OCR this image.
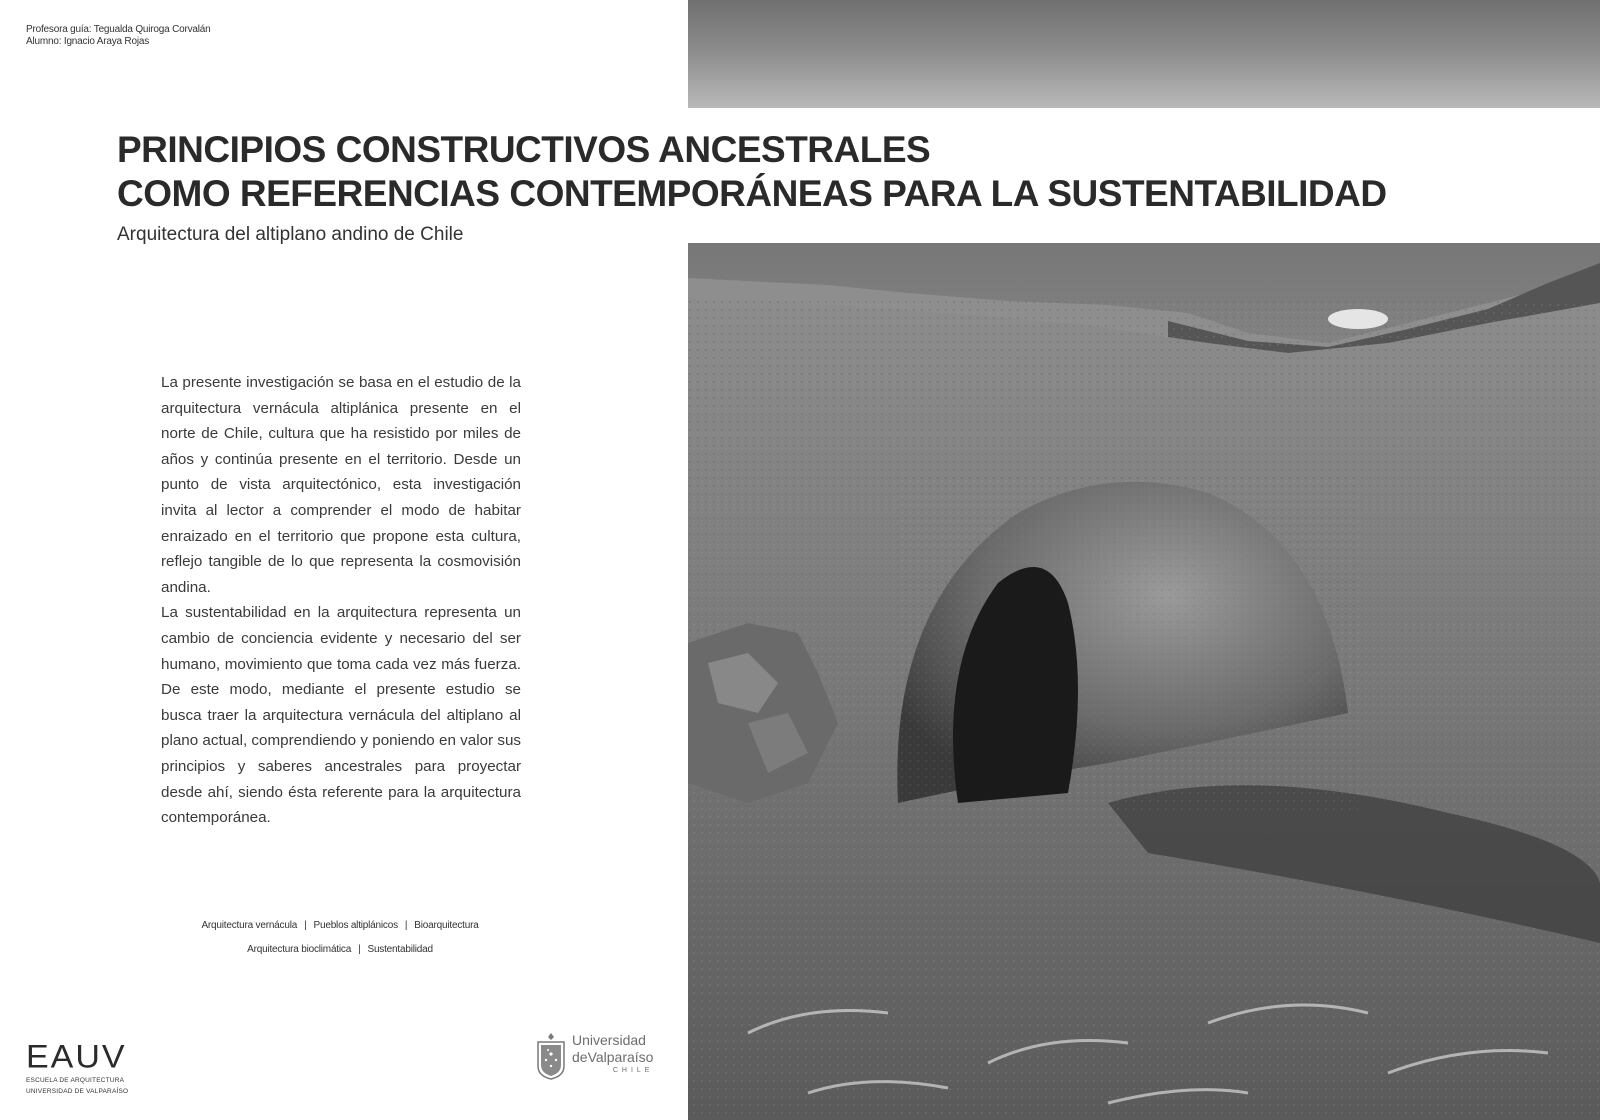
Profesora guía: Tegualda Quiroga Corvalán
Alumno: Ignacio Araya Rojas
PRINCIPIOS CONSTRUCTIVOS ANCESTRALES
COMO REFERENCIAS CONTEMPORÁNEAS PARA LA SUSTENTABILIDAD
Arquitectura del altiplano andino de Chile

La presente investigación se basa en el estudio de la arquitectura vernácula altiplánica presente en el norte de Chile, cultura que ha resistido por miles de años y continúa presente en el territorio. Desde un punto de vista arquitectónico, esta investigación invita al lector a comprender el modo de habitar enraizado en el territorio que propone esta cultura, reflejo tangible de lo que representa la cosmovisión andina.

La sustentabilidad en la arquitectura representa un cambio de conciencia evidente y necesario del ser humano, movimiento que toma cada vez más fuerza. De este modo, mediante el presente estudio se busca traer la arquitectura vernácula del altiplano al plano actual, comprendiendo y poniendo en valor sus principios y saberes ancestrales para proyectar desde ahí, siendo ésta referente para la arquitectura contemporánea.

Arquitectura vernácula | Pueblos altiplánicos | Bioarquitectura
Arquitectura bioclimática | Sustentabilidad
EAUV
ESCUELA DE ARQUITECTURA
UNIVERSIDAD DE VALPARAÍSO
Universidad
deValparaíso
CHILE
